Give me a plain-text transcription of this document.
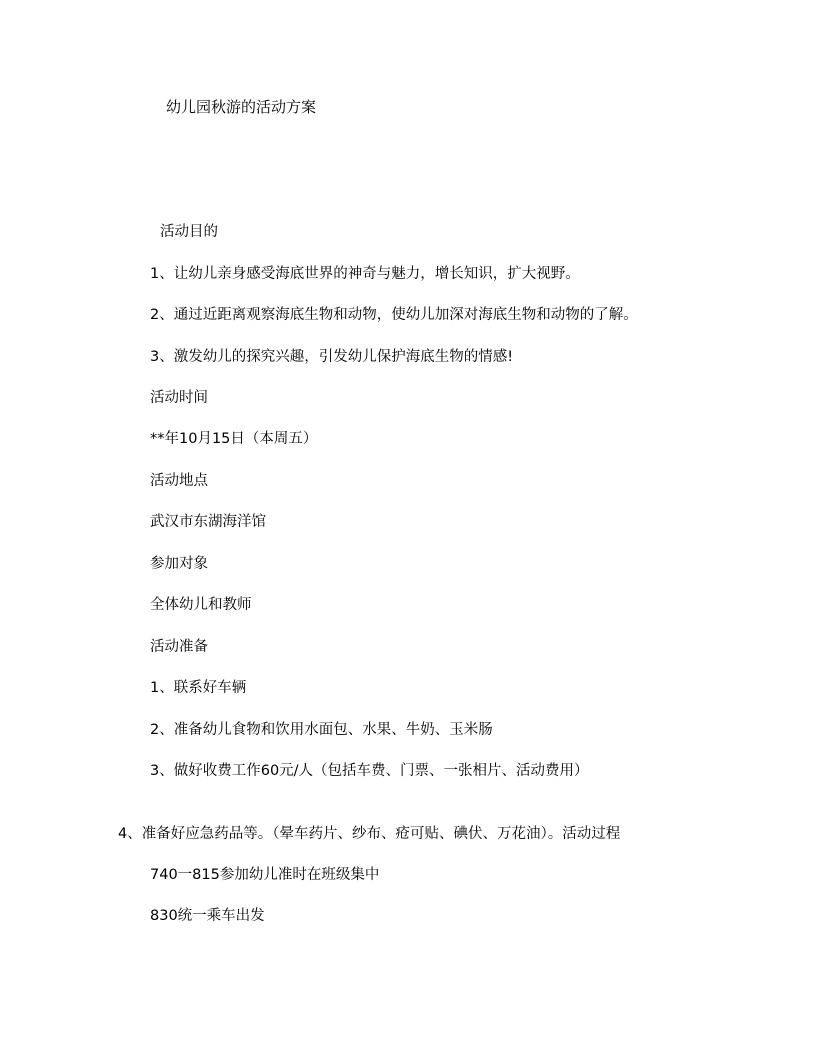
幼儿园秋游的活动方案
活动目的
1、让幼儿亲身感受海底世界的神奇与魅力，增长知识，扩大视野。
2、通过近距离观察海底生物和动物，使幼儿加深对海底生物和动物的了解。
3、激发幼儿的探究兴趣，引发幼儿保护海底生物的情感!
活动时间
**年10月15日（本周五）
活动地点
武汉市东湖海洋馆
参加对象
全体幼儿和教师
活动准备
1、联系好车辆
2、准备幼儿食物和饮用水面包、水果、牛奶、玉米肠
3、做好收费工作60元/人（包括车费、门票、一张相片、活动费用）
4、准备好应急药品等。（晕车药片、纱布、疮可贴、碘伏、万花油）。活动过程
740一815参加幼儿准时在班级集中
830统一乘车出发
